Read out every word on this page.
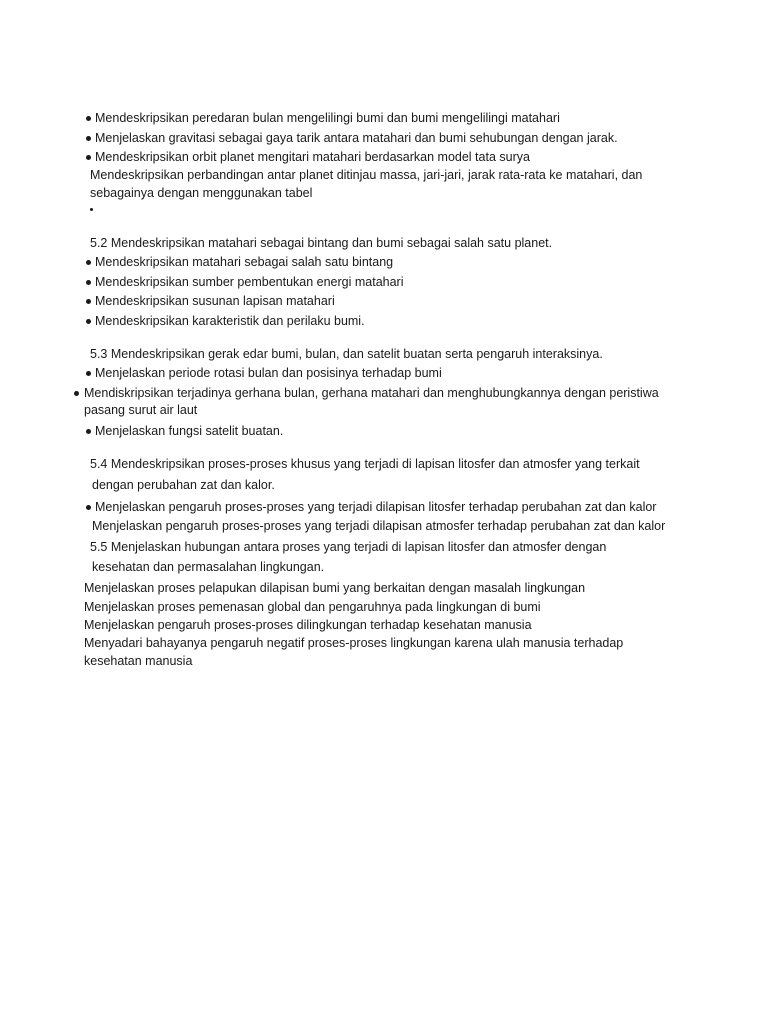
Mendeskripsikan peredaran bulan mengelilingi bumi dan bumi mengelilingi matahari
Menjelaskan gravitasi sebagai gaya tarik antara matahari dan bumi sehubungan dengan jarak.
Mendeskripsikan orbit planet mengitari matahari berdasarkan model tata surya
Mendeskripsikan perbandingan antar planet ditinjau massa, jari-jari, jarak rata-rata ke matahari, dan
sebagainya dengan menggunakan tabel
5.2 Mendeskripsikan matahari sebagai bintang dan bumi sebagai salah satu planet.
Mendeskripsikan matahari sebagai salah satu bintang
Mendeskripsikan sumber pembentukan energi matahari
Mendeskripsikan susunan lapisan matahari
Mendeskripsikan karakteristik dan perilaku bumi.
5.3 Mendeskripsikan gerak edar bumi, bulan, dan satelit buatan serta pengaruh interaksinya.
Menjelaskan periode rotasi bulan dan posisinya terhadap bumi
Mendiskripsikan terjadinya gerhana bulan, gerhana matahari dan menghubungkannya dengan peristiwa
pasang surut air laut
Menjelaskan fungsi satelit buatan.
5.4 Mendeskripsikan proses-proses khusus yang terjadi di lapisan litosfer dan atmosfer yang terkait
dengan perubahan zat dan kalor.
Menjelaskan pengaruh proses-proses yang terjadi dilapisan litosfer terhadap perubahan zat dan kalor
Menjelaskan pengaruh proses-proses yang terjadi dilapisan atmosfer terhadap perubahan zat dan kalor
5.5 Menjelaskan hubungan antara proses yang terjadi di lapisan litosfer dan atmosfer dengan
kesehatan dan permasalahan lingkungan.
Menjelaskan proses pelapukan dilapisan bumi yang berkaitan dengan masalah lingkungan
Menjelaskan proses pemenasan global dan pengaruhnya pada lingkungan di bumi
Menjelaskan pengaruh proses-proses dilingkungan terhadap kesehatan manusia
Menyadari bahayanya pengaruh negatif proses-proses lingkungan karena ulah manusia terhadap
kesehatan manusia
